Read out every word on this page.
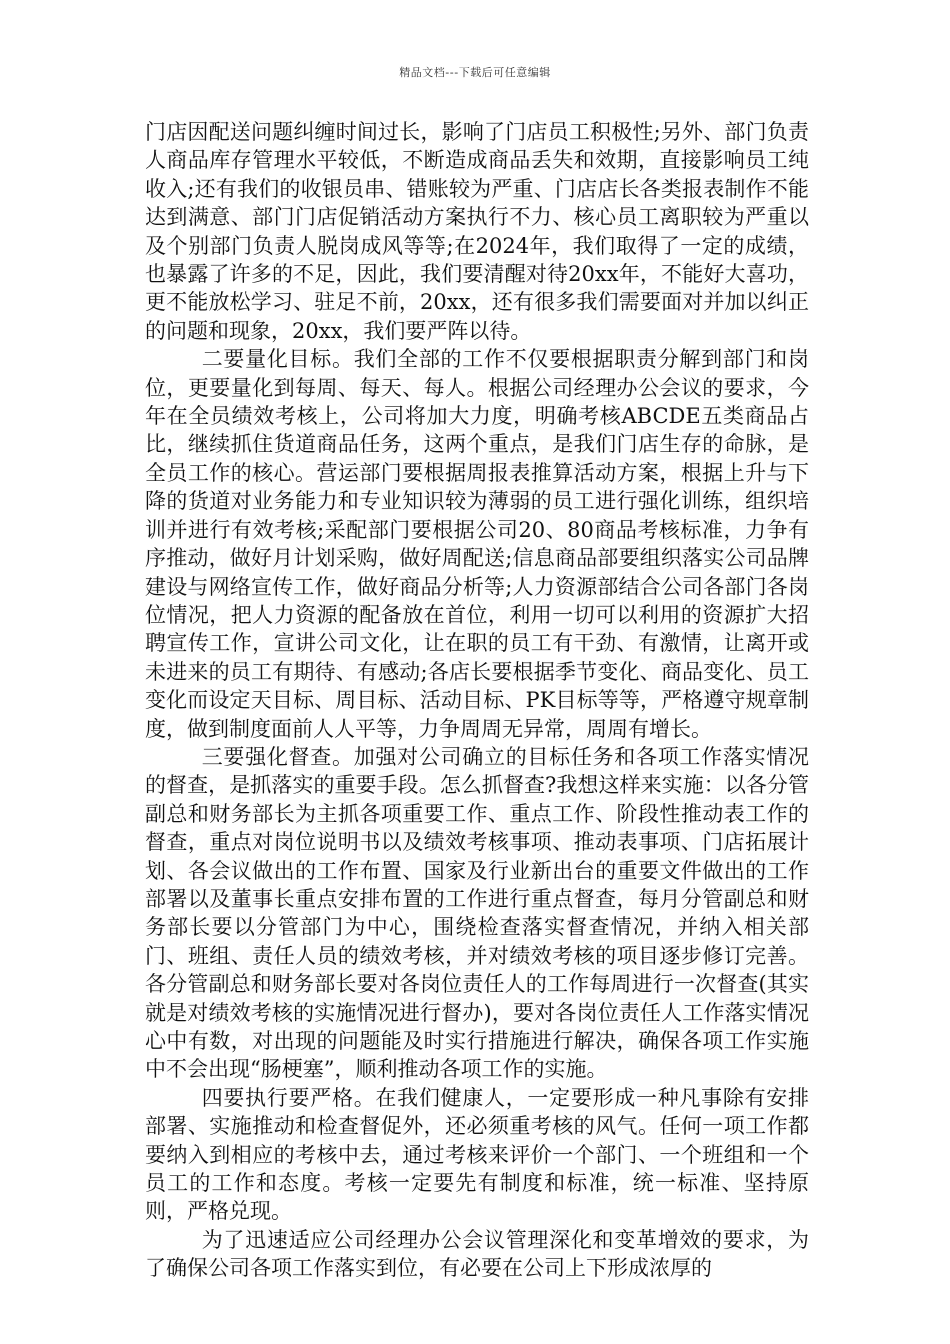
精品文档---下载后可任意编辑

门店因配送问题纠缠时间过长，影响了门店员工积极性;另外、部门负责人商品库存管理水平较低，不断造成商品丢失和效期，直接影响员工纯收入;还有我们的收银员串、错账较为严重、门店店长各类报表制作不能达到满意、部门门店促销活动方案执行不力、核心员工离职较为严重以及个别部门负责人脱岗成风等等;在2024年，我们取得了一定的成绩，也暴露了许多的不足，因此，我们要清醒对待20xx年，不能好大喜功，更不能放松学习、驻足不前，20xx，还有很多我们需要面对并加以纠正的问题和现象，20xx，我们要严阵以待。

二要量化目标。我们全部的工作不仅要根据职责分解到部门和岗位，更要量化到每周、每天、每人。根据公司经理办公会议的要求，今年在全员绩效考核上，公司将加大力度，明确考核ABCDE五类商品占比，继续抓住货道商品任务，这两个重点，是我们门店生存的命脉，是全员工作的核心。营运部门要根据周报表推算活动方案，根据上升与下降的货道对业务能力和专业知识较为薄弱的员工进行强化训练，组织培训并进行有效考核;采配部门要根据公司20、80商品考核标准，力争有序推动，做好月计划采购，做好周配送;信息商品部要组织落实公司品牌建设与网络宣传工作，做好商品分析等;人力资源部结合公司各部门各岗位情况，把人力资源的配备放在首位，利用一切可以利用的资源扩大招聘宣传工作，宣讲公司文化，让在职的员工有干劲、有激情，让离开或未进来的员工有期待、有感动;各店长要根据季节变化、商品变化、员工变化而设定天目标、周目标、活动目标、PK目标等等，严格遵守规章制度，做到制度面前人人平等，力争周周无异常，周周有增长。

三要强化督查。加强对公司确立的目标任务和各项工作落实情况的督查，是抓落实的重要手段。怎么抓督查?我想这样来实施：以各分管副总和财务部长为主抓各项重要工作、重点工作、阶段性推动表工作的督查，重点对岗位说明书以及绩效考核事项、推动表事项、门店拓展计划、各会议做出的工作布置、国家及行业新出台的重要文件做出的工作部署以及董事长重点安排布置的工作进行重点督查，每月分管副总和财务部长要以分管部门为中心，围绕检查落实督查情况，并纳入相关部门、班组、责任人员的绩效考核，并对绩效考核的项目逐步修订完善。各分管副总和财务部长要对各岗位责任人的工作每周进行一次督查(其实就是对绩效考核的实施情况进行督办)，要对各岗位责任人工作落实情况心中有数，对出现的问题能及时实行措施进行解决，确保各项工作实施中不会出现“肠梗塞”，顺利推动各项工作的实施。

四要执行要严格。在我们健康人，一定要形成一种凡事除有安排部署、实施推动和检查督促外，还必须重考核的风气。任何一项工作都要纳入到相应的考核中去，通过考核来评价一个部门、一个班组和一个员工的工作和态度。考核一定要先有制度和标准，统一标准、坚持原则，严格兑现。

为了迅速适应公司经理办公会议管理深化和变革增效的要求，为了确保公司各项工作落实到位，有必要在公司上下形成浓厚的
